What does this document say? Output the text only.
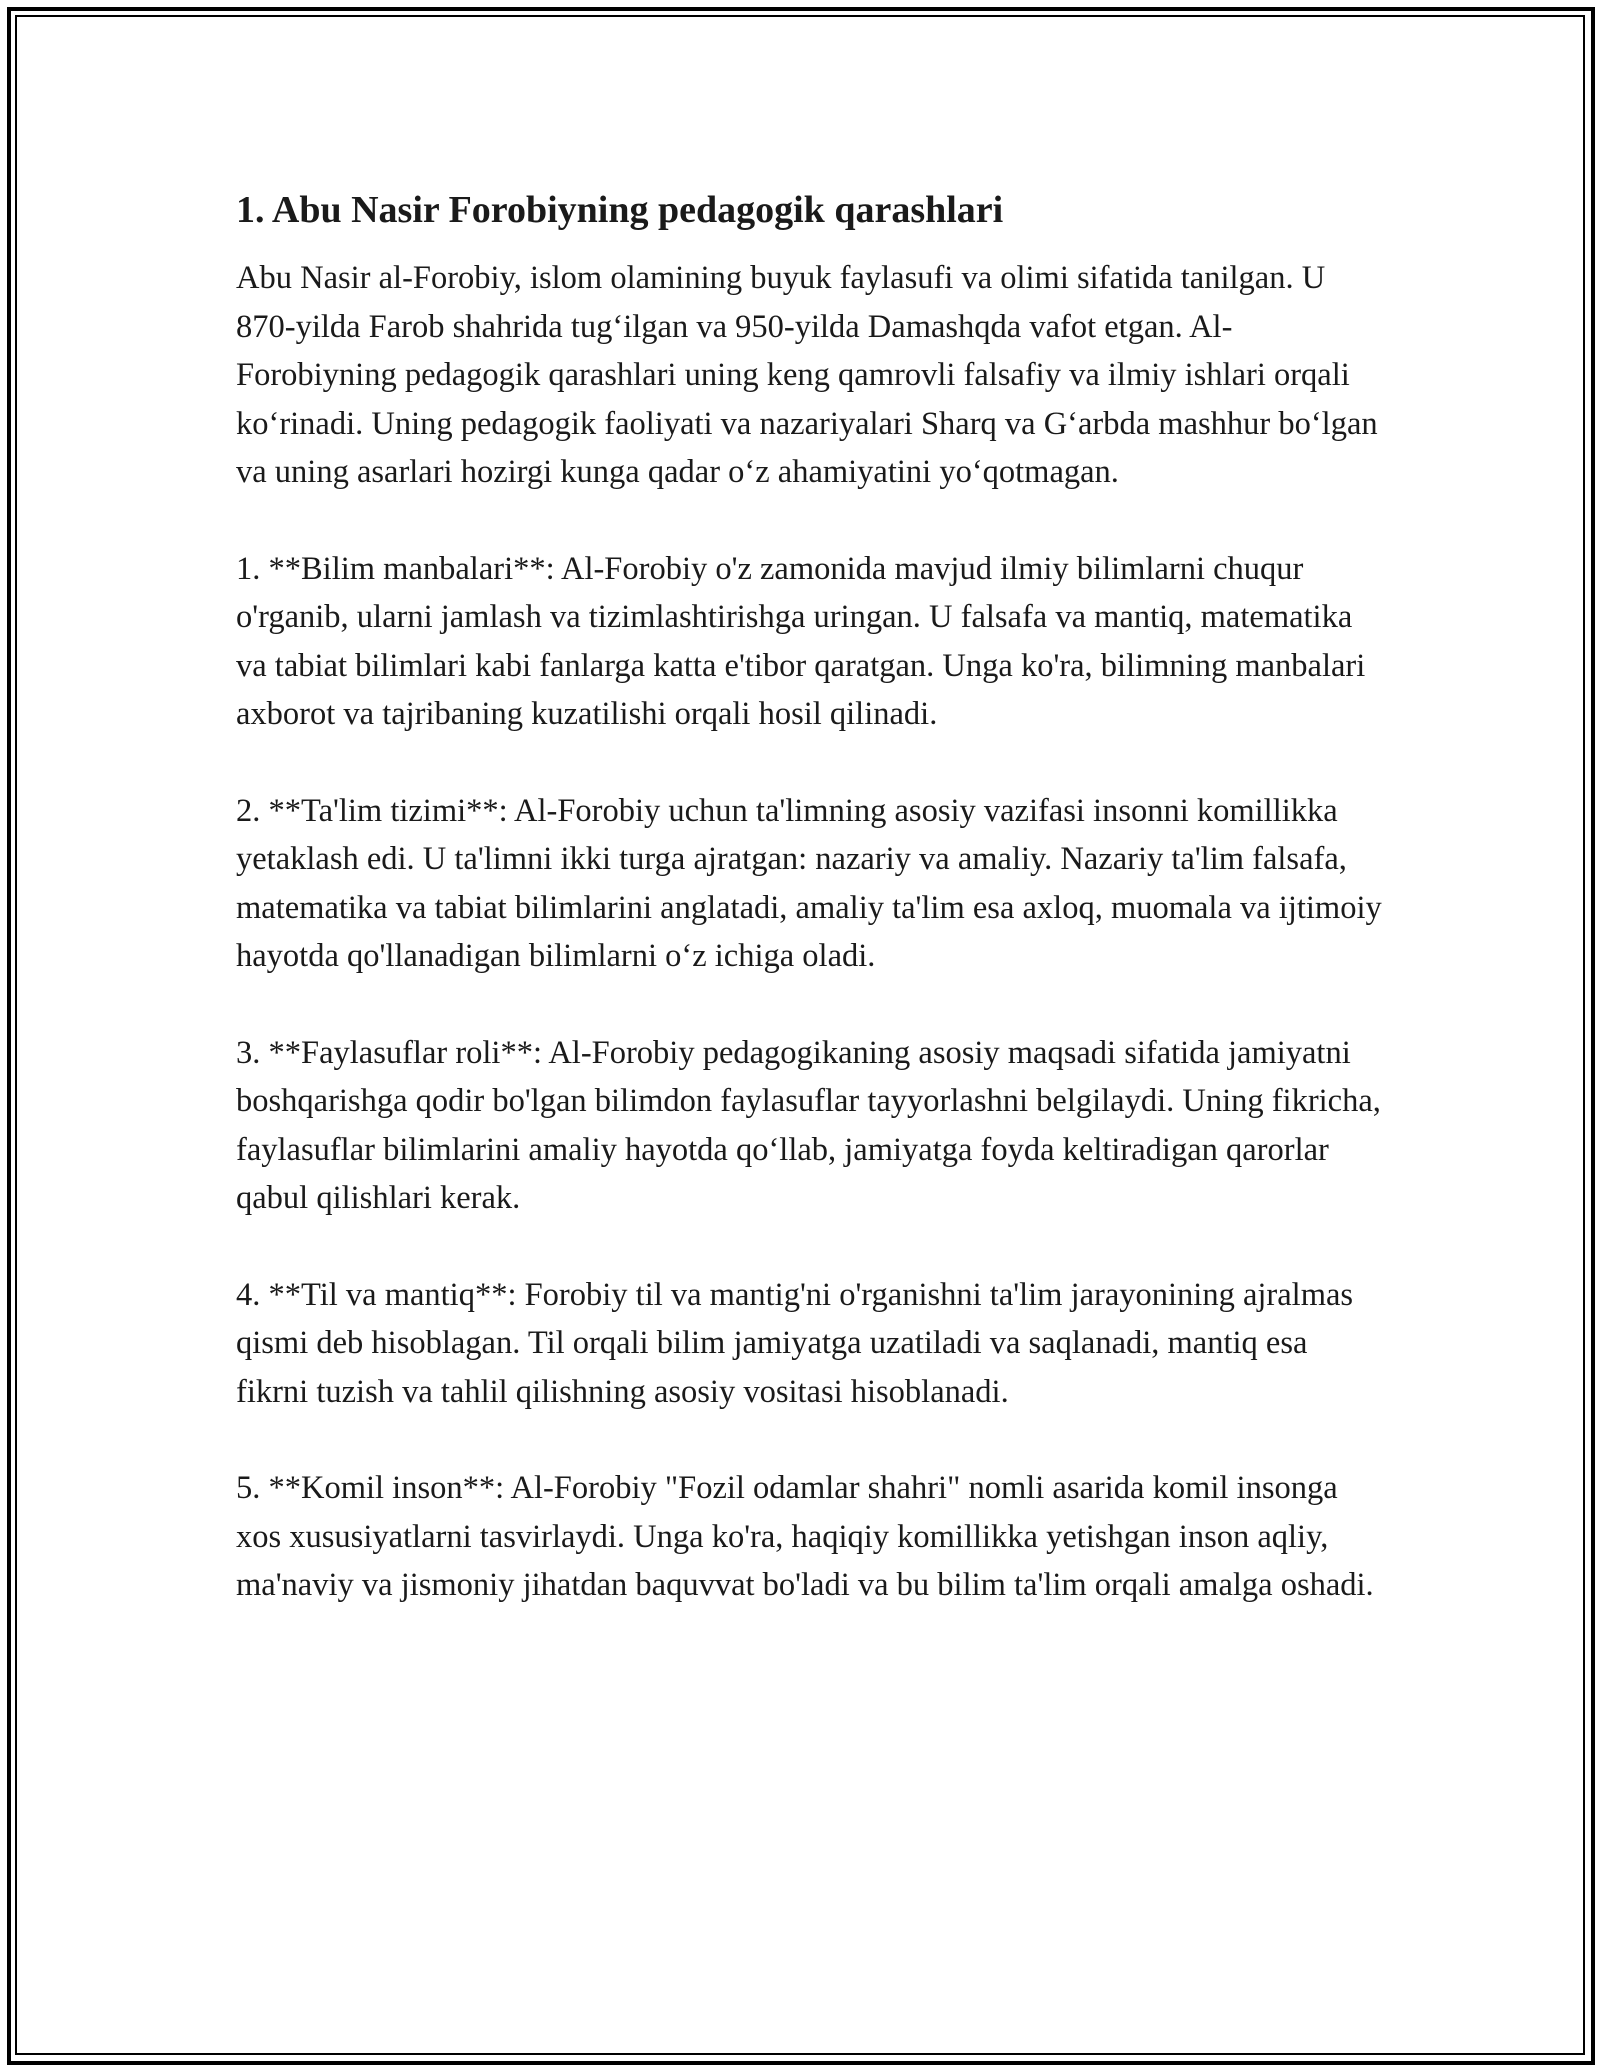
1. Abu Nasir Forobiyning pedagogik qarashlari

Abu Nasir al-Forobiy, islom olamining buyuk faylasufi va olimi sifatida tanilgan. U 870-yilda Farob shahrida tug‘ilgan va 950-yilda Damashqda vafot etgan. Al-Forobiyning pedagogik qarashlari uning keng qamrovli falsafiy va ilmiy ishlari orqali ko‘rinadi. Uning pedagogik faoliyati va nazariyalari Sharq va G‘arbda mashhur bo‘lgan va uning asarlari hozirgi kunga qadar o‘z ahamiyatini yo‘qotmagan.

1. **Bilim manbalari**: Al-Forobiy o'z zamonida mavjud ilmiy bilimlarni chuqur o'rganib, ularni jamlash va tizimlashtirishga uringan. U falsafa va mantiq, matematika va tabiat bilimlari kabi fanlarga katta e'tibor qaratgan. Unga ko'ra, bilimning manbalari axborot va tajribaning kuzatilishi orqali hosil qilinadi.

2. **Ta'lim tizimi**: Al-Forobiy uchun ta'limning asosiy vazifasi insonni komillikka yetaklash edi. U ta'limni ikki turga ajratgan: nazariy va amaliy. Nazariy ta'lim falsafa, matematika va tabiat bilimlarini anglatadi, amaliy ta'lim esa axloq, muomala va ijtimoiy hayotda qo'llanadigan bilimlarni o‘z ichiga oladi.

3. **Faylasuflar roli**: Al-Forobiy pedagogikaning asosiy maqsadi sifatida jamiyatni boshqarishga qodir bo'lgan bilimdon faylasuflar tayyorlashni belgilaydi. Uning fikricha, faylasuflar bilimlarini amaliy hayotda qo‘llab, jamiyatga foyda keltiradigan qarorlar qabul qilishlari kerak.

4. **Til va mantiq**: Forobiy til va mantig'ni o'rganishni ta'lim jarayonining ajralmas qismi deb hisoblagan. Til orqali bilim jamiyatga uzatiladi va saqlanadi, mantiq esa fikrni tuzish va tahlil qilishning asosiy vositasi hisoblanadi.

5. **Komil inson**: Al-Forobiy "Fozil odamlar shahri" nomli asarida komil insonga xos xususiyatlarni tasvirlaydi. Unga ko'ra, haqiqiy komillikka yetishgan inson aqliy, ma'naviy va jismoniy jihatdan baquvvat bo'ladi va bu bilim ta'lim orqali amalga oshadi.
